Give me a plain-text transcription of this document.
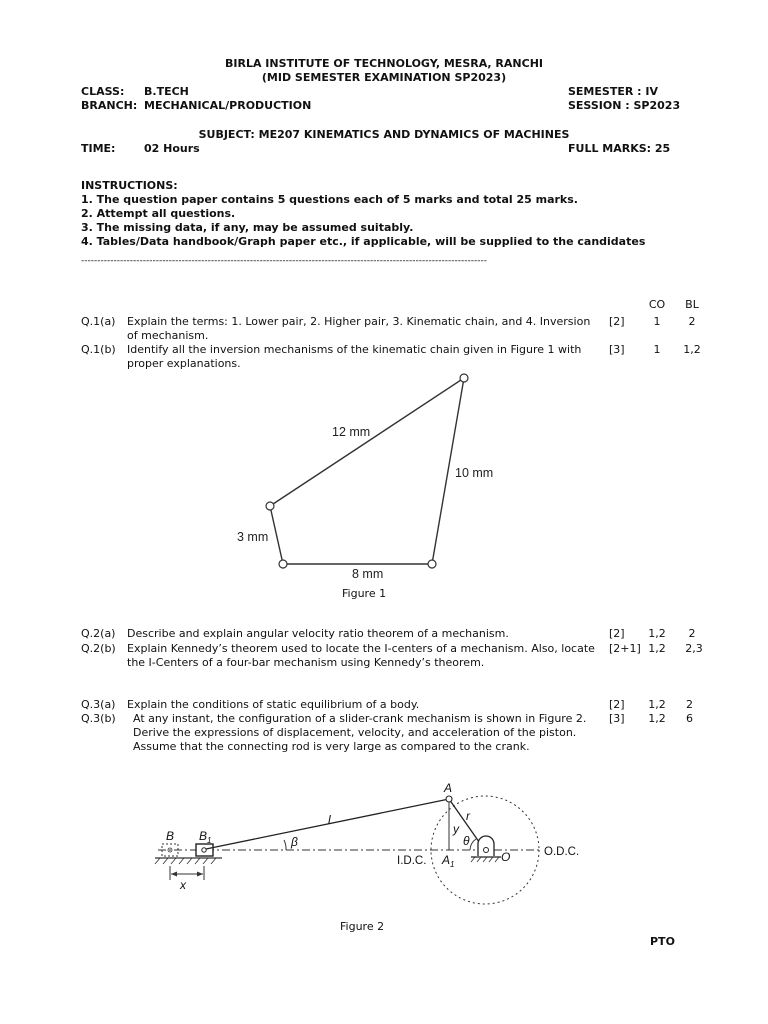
BIRLA INSTITUTE OF TECHNOLOGY, MESRA, RANCHI
(MID SEMESTER EXAMINATION SP2023)
CLASS: B.TECH
BRANCH: MECHANICAL/PRODUCTION
SEMESTER : IV
SESSION : SP2023
SUBJECT: ME207 KINEMATICS AND DYNAMICS OF MACHINES
TIME:	02 Hours	FULL MARKS: 25
INSTRUCTIONS:
1. The question paper contains 5 questions each of 5 marks and total 25 marks.
2. Attempt all questions.
3. The missing data, if any, may be assumed suitably.
4. Tables/Data handbook/Graph paper etc., if applicable, will be supplied to the candidates
-----------------------------------------------------------------------------------------------------------------------------
CO	BL
Q.1(a) Explain the terms: 1. Lower pair, 2. Higher pair, 3. Kinematic chain, and 4. Inversion of mechanism.
[2]	1	2
Q.1(b) Identify all the inversion mechanisms of the kinematic chain given in Figure 1 with proper explanations.
[3]	1	1,2
12 mm
10 mm
3 mm
8 mm
Figure 1
Q.2(a) Describe and explain angular velocity ratio theorem of a mechanism.	[2] 1,2	2
Q.2(b) Explain Kennedy’s theorem used to locate the I-centers of a mechanism. Also, locate the I-Centers of a four-bar mechanism using Kennedy’s theorem.
[2+1] 1,2	2,3
Q.3(a) Explain the conditions of static equilibrium of a body.	[2] 1,2 2
Q.3(b) At any instant, the configuration of a slider-crank mechanism is shown in Figure 2. Derive the expressions of displacement, velocity, and acceleration of the piston. Assume that the connecting rod is very large as compared to the crank.
[3] 1,2 6
B $B_1$
l
A
r
y
θ
β
x
$A_1$
O
I.D.C.
O.D.C.
Figure 2
PTO
